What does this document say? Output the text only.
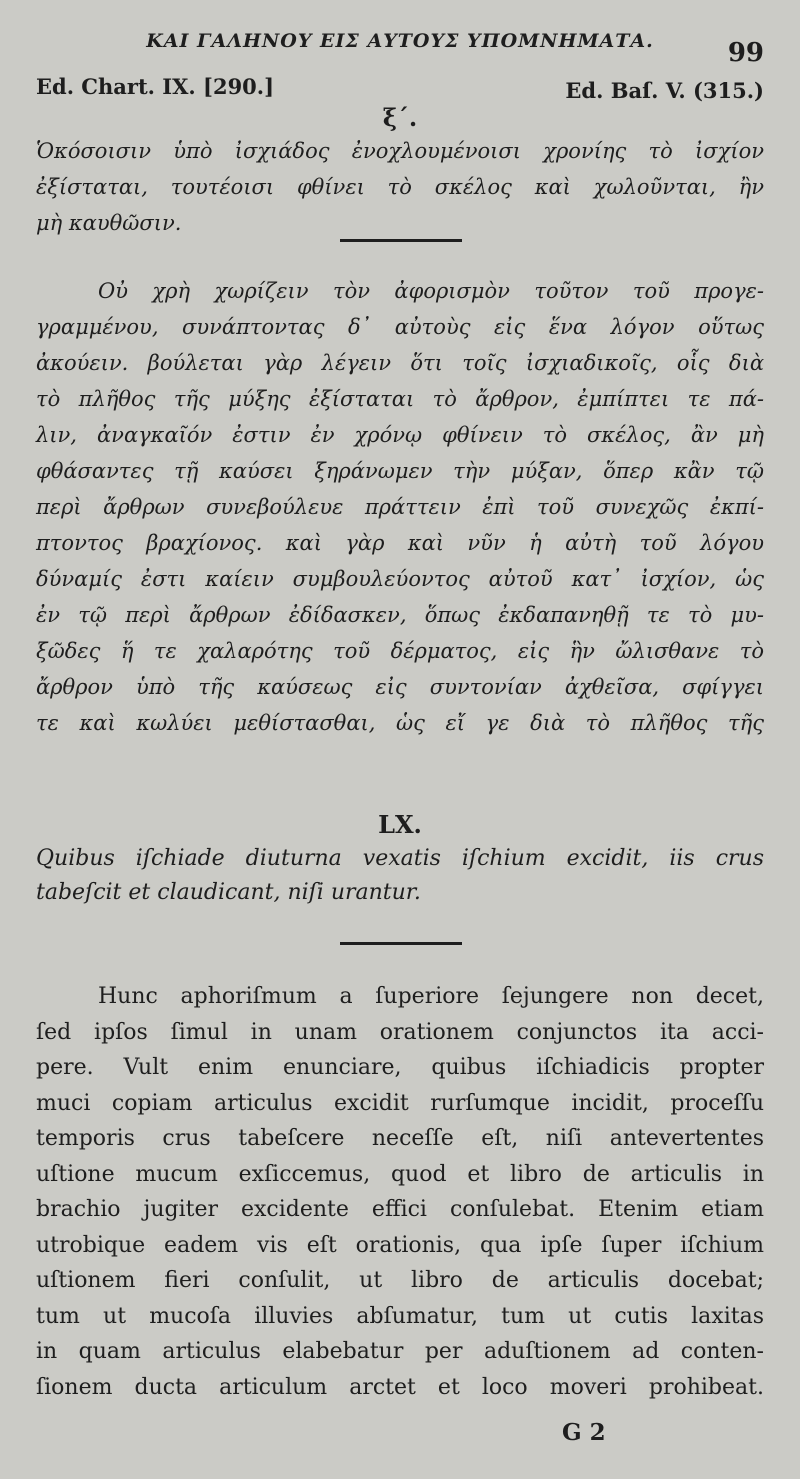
ΚΑΙ ΓΑΛΗΝΟΥ ΕΙΣ ΑΥΤΟΥΣ ΥΠΟΜΝΗΜΑΤΑ.	99
Ed. Chart. IX. [290.]	Ed. Baſ. V. (315.)
ξ΄.
Ὁκόσοισιν ὑπὸ ἰσχιάδος ἐνοχλουμένοισι χρονίης τὸ ἰσχίον
ἐξίσταται, τουτέοισι φθίνει τὸ σκέλος καὶ χωλοῦνται, ἢν
μὴ καυθῶσιν.
Οὐ χρὴ χωρίζειν τὸν ἀφορισμὸν τοῦτον τοῦ προγε-
γραμμένου, συνάπτοντας δ᾿ αὐτοὺς εἰς ἕνα λόγον οὕτως
ἀκούειν. βούλεται γὰρ λέγειν ὅτι τοῖς ἰσχιαδικοῖς, οἷς διὰ
τὸ πλῆθος τῆς μύξης ἐξίσταται τὸ ἄρθρον, ἐμπίπτει τε πά-
λιν, ἀναγκαῖόν ἐστιν ἐν χρόνῳ φθίνειν τὸ σκέλος, ἂν μὴ
φθάσαντες τῇ καύσει ξηράνωμεν τὴν μύξαν, ὅπερ κἂν τῷ
περὶ ἄρθρων συνεβούλευε πράττειν ἐπὶ τοῦ συνεχῶς ἐκπί-
πτοντος βραχίονος. καὶ γὰρ καὶ νῦν ἡ αὐτὴ τοῦ λόγου
δύναμίς ἐστι καίειν συμβουλεύοντος αὐτοῦ κατ᾿ ἰσχίον, ὡς
ἐν τῷ περὶ ἄρθρων ἐδίδασκεν, ὅπως ἐκδαπανηθῇ τε τὸ μυ-
ξῶδες ἥ τε χαλαρότης τοῦ δέρματος, εἰς ἣν ὤλισθανε τὸ
ἄρθρον ὑπὸ τῆς καύσεως εἰς συντονίαν ἀχθεῖσα, σφίγγει
τε καὶ κωλύει μεθίστασθαι, ὡς εἴ γε διὰ τὸ πλῆθος τῆς
LX.
Quibus iſchiade diuturna vexatis iſchium excidit, iis crus
tabeſcit et claudicant, niſi urantur.
Hunc aphoriſmum a ſuperiore ſejungere non decet,
ſed ipſos ſimul in unam orationem conjunctos ita acci-
pere. Vult enim enunciare, quibus iſchiadicis propter
muci copiam articulus excidit rurſumque incidit, proceſſu
temporis crus tabeſcere neceſſe eſt, niſi antevertentes
uſtione mucum exſiccemus, quod et libro de articulis in
brachio jugiter excidente effici conſulebat. Etenim etiam
utrobique eadem vis eſt orationis, qua ipſe ſuper iſchium
uſtionem fieri conſulit, ut libro de articulis docebat;
tum ut mucoſa illuvies abſumatur, tum ut cutis laxitas
in quam articulus elabebatur per aduſtionem ad conten-
ſionem ducta articulum arctet et loco moveri prohibeat.
G 2
